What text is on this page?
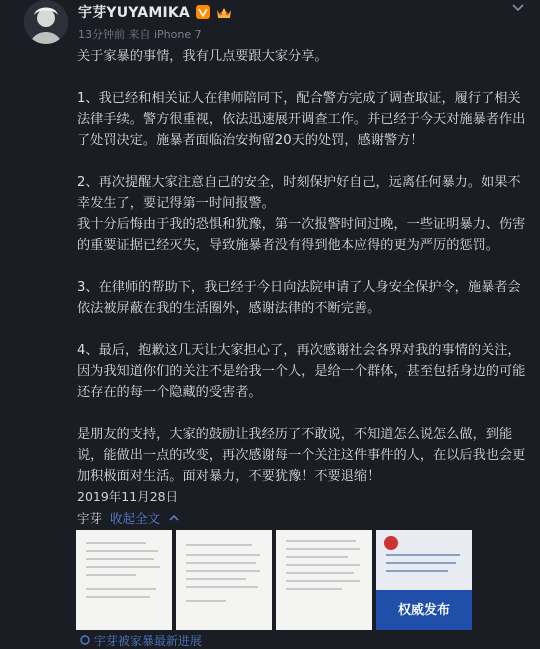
宇芽YUYAMIKA
13分钟前 来自 iPhone 7

关于家暴的事情，我有几点要跟大家分享。

1、我已经和相关证人在律师陪同下，配合警方完成了调查取证，履行了相关法律手续。警方很重视，依法迅速展开调查工作。并已经于今天对施暴者作出了处罚决定。施暴者面临治安拘留20天的处罚，感谢警方！

2、再次提醒大家注意自己的安全，时刻保护好自己，远离任何暴力。如果不幸发生了，要记得第一时间报警。

我十分后悔由于我的恐惧和犹豫，第一次报警时间过晚，一些证明暴力、伤害的重要证据已经灭失，导致施暴者没有得到他本应得的更为严厉的惩罚。

3、在律师的帮助下，我已经于今日向法院申请了人身安全保护令，施暴者会依法被屏蔽在我的生活圈外，感谢法律的不断完善。

4、最后，抱歉这几天让大家担心了，再次感谢社会各界对我的事情的关注，因为我知道你们的关注不是给我一个人，是给一个群体，甚至包括身边的可能还存在的每一个隐藏的受害者。

是朋友的支持，大家的鼓励让我经历了不敢说，不知道怎么说怎么做，到能说，能做出一点的改变，再次感谢每一个关注这件事件的人，在以后我也会更加积极面对生活。面对暴力，不要犹豫！不要退缩！

2019年11月28日
宇芽 收起全文
权威发布
宇芽被家暴最新进展
